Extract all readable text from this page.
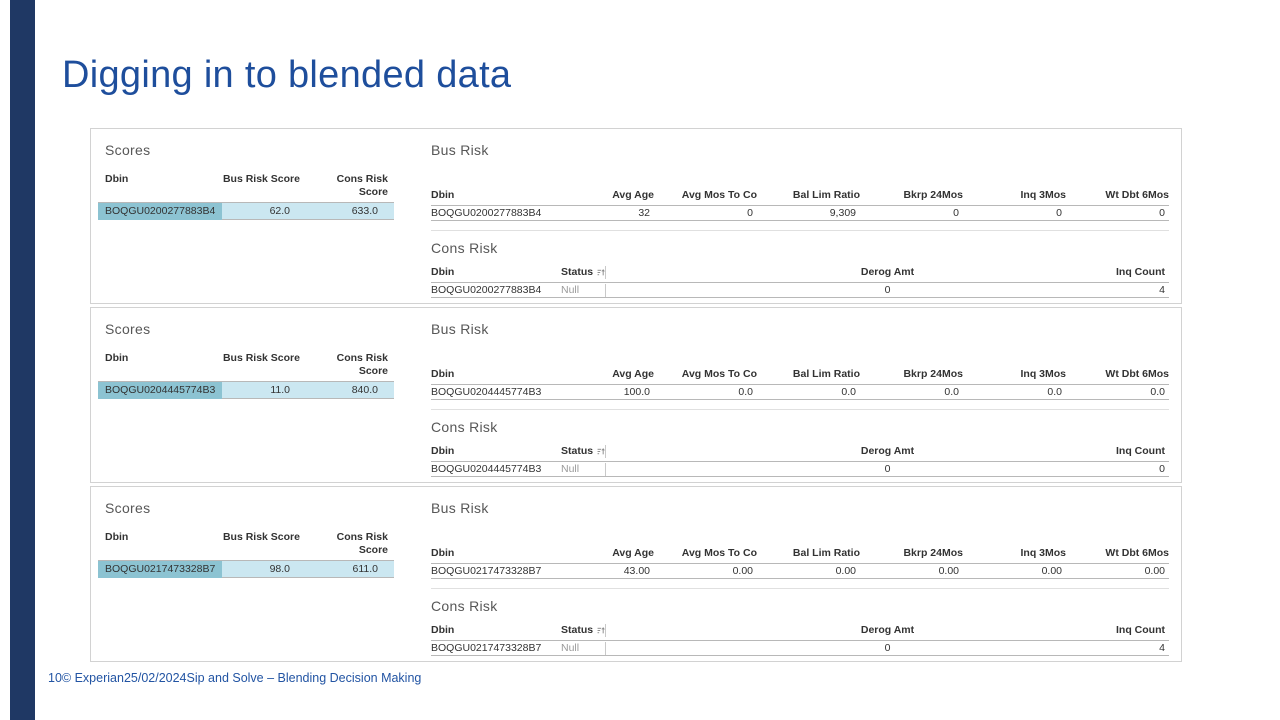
Digging in to blended data
Scores
Dbin	Bus Risk Score	Cons Risk Score
BOQGU0200277883B4	62.0	633.0
Bus Risk
Dbin	Avg Age	Avg Mos To Co	Bal Lim Ratio	Bkrp 24Mos	Inq 3Mos	Wt Dbt 6Mos
BOQGU0200277883B4	32	0	9,309	0	0	0
Cons Risk
Dbin	Status	Derog Amt	Inq Count
BOQGU0200277883B4	Null	0	4
Scores
Dbin	Bus Risk Score	Cons Risk Score
BOQGU0204445774B3	11.0	840.0
Bus Risk
Dbin	Avg Age	Avg Mos To Co	Bal Lim Ratio	Bkrp 24Mos	Inq 3Mos	Wt Dbt 6Mos
BOQGU0204445774B3	100.0	0.0	0.0	0.0	0.0	0.0
Cons Risk
Dbin	Status	Derog Amt	Inq Count
BOQGU0204445774B3	Null	0	0
Scores
Dbin	Bus Risk Score	Cons Risk Score
BOQGU0217473328B7	98.0	611.0
Bus Risk
Dbin	Avg Age	Avg Mos To Co	Bal Lim Ratio	Bkrp 24Mos	Inq 3Mos	Wt Dbt 6Mos
BOQGU0217473328B7	43.00	0.00	0.00	0.00	0.00	0.00
Cons Risk
Dbin	Status	Derog Amt	Inq Count
BOQGU0217473328B7	Null	0	4
10 © Experian 25/02/2024 Sip and Solve – Blending Decision Making
